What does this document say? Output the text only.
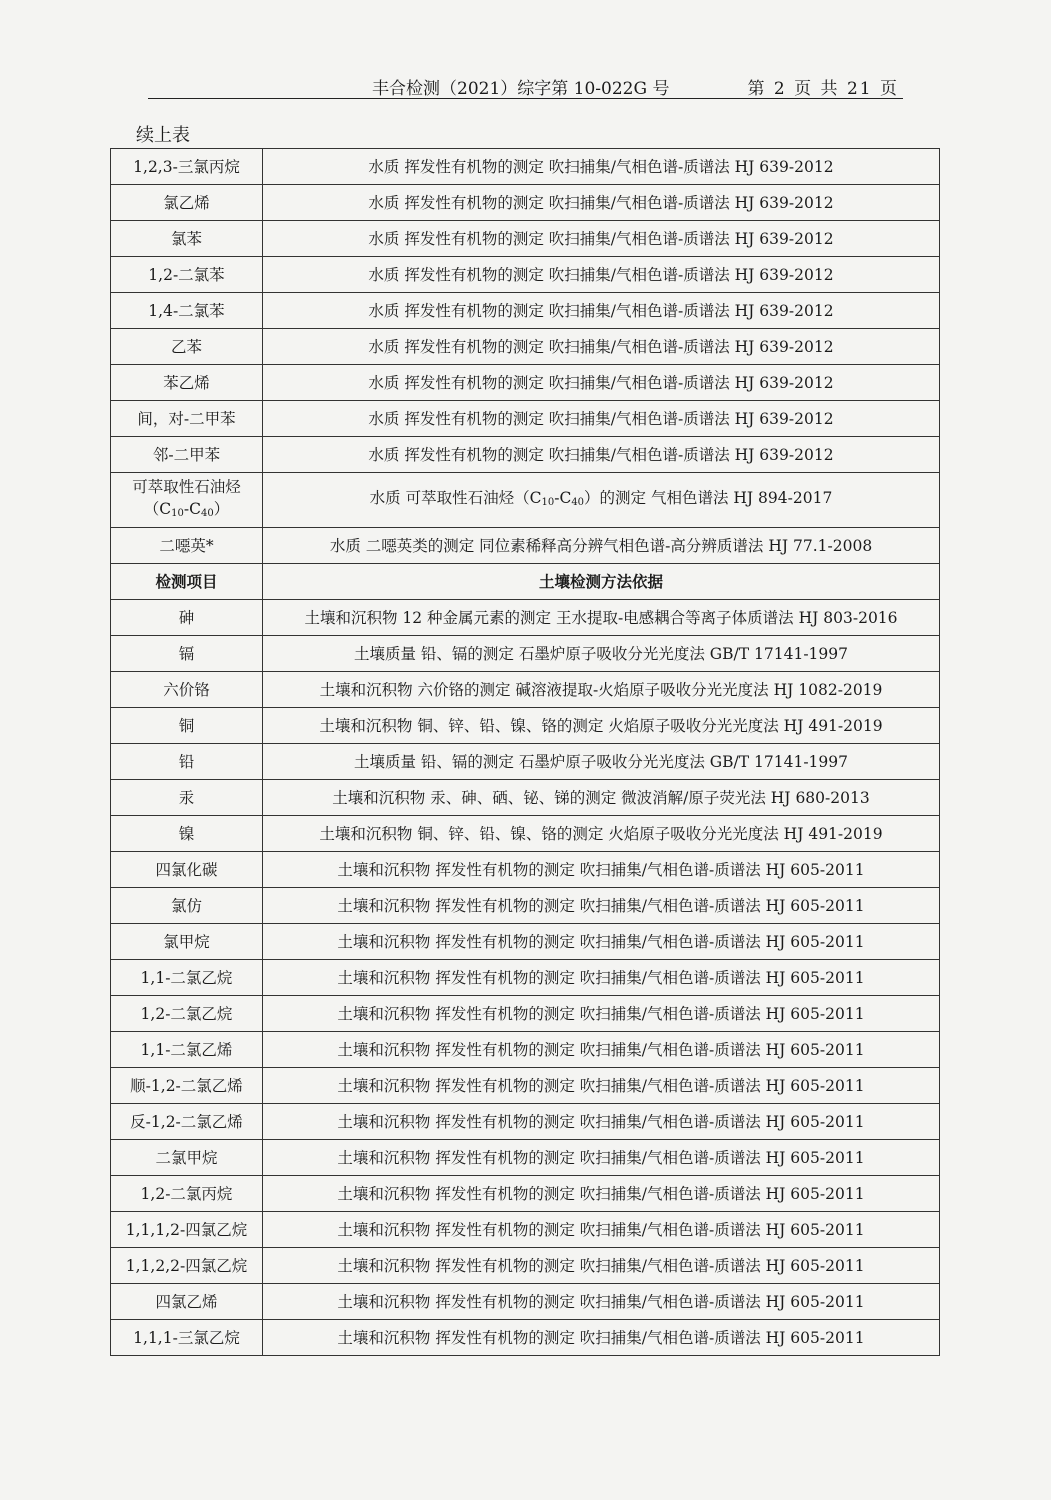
丰合检测（2021）综字第 10-022G 号	第 2 页 共 21 页
续上表
1,2,3-三氯丙烷	水质 挥发性有机物的测定 吹扫捕集/气相色谱-质谱法 HJ 639-2012
氯乙烯	水质 挥发性有机物的测定 吹扫捕集/气相色谱-质谱法 HJ 639-2012
氯苯	水质 挥发性有机物的测定 吹扫捕集/气相色谱-质谱法 HJ 639-2012
1,2-二氯苯	水质 挥发性有机物的测定 吹扫捕集/气相色谱-质谱法 HJ 639-2012
1,4-二氯苯	水质 挥发性有机物的测定 吹扫捕集/气相色谱-质谱法 HJ 639-2012
乙苯	水质 挥发性有机物的测定 吹扫捕集/气相色谱-质谱法 HJ 639-2012
苯乙烯	水质 挥发性有机物的测定 吹扫捕集/气相色谱-质谱法 HJ 639-2012
间，对-二甲苯	水质 挥发性有机物的测定 吹扫捕集/气相色谱-质谱法 HJ 639-2012
邻-二甲苯	水质 挥发性有机物的测定 吹扫捕集/气相色谱-质谱法 HJ 639-2012
可萃取性石油烃
$(C_{10}-C_{40})$	水质 可萃取性石油烃$(C_{10}-C_{40})$的测定 气相色谱法 HJ 894-2017
二噁英*	水质 二噁英类的测定 同位素稀释高分辨气相色谱-高分辨质谱法 HJ 77.1-2008
检测项目	土壤检测方法依据
砷	土壤和沉积物 12 种金属元素的测定 王水提取-电感耦合等离子体质谱法 HJ 803-2016
镉	土壤质量 铅、镉的测定 石墨炉原子吸收分光光度法 GB/T 17141-1997
六价铬	土壤和沉积物 六价铬的测定 碱溶液提取-火焰原子吸收分光光度法 HJ 1082-2019
铜	土壤和沉积物 铜、锌、铅、镍、铬的测定 火焰原子吸收分光光度法 HJ 491-2019
铅	土壤质量 铅、镉的测定 石墨炉原子吸收分光光度法 GB/T 17141-1997
汞	土壤和沉积物 汞、砷、硒、铋、锑的测定 微波消解/原子荧光法 HJ 680-2013
镍	土壤和沉积物 铜、锌、铅、镍、铬的测定 火焰原子吸收分光光度法 HJ 491-2019
四氯化碳	土壤和沉积物 挥发性有机物的测定 吹扫捕集/气相色谱-质谱法 HJ 605-2011
氯仿	土壤和沉积物 挥发性有机物的测定 吹扫捕集/气相色谱-质谱法 HJ 605-2011
氯甲烷	土壤和沉积物 挥发性有机物的测定 吹扫捕集/气相色谱-质谱法 HJ 605-2011
1,1-二氯乙烷	土壤和沉积物 挥发性有机物的测定 吹扫捕集/气相色谱-质谱法 HJ 605-2011
1,2-二氯乙烷	土壤和沉积物 挥发性有机物的测定 吹扫捕集/气相色谱-质谱法 HJ 605-2011
1,1-二氯乙烯	土壤和沉积物 挥发性有机物的测定 吹扫捕集/气相色谱-质谱法 HJ 605-2011
顺-1,2-二氯乙烯	土壤和沉积物 挥发性有机物的测定 吹扫捕集/气相色谱-质谱法 HJ 605-2011
反-1,2-二氯乙烯	土壤和沉积物 挥发性有机物的测定 吹扫捕集/气相色谱-质谱法 HJ 605-2011
二氯甲烷	土壤和沉积物 挥发性有机物的测定 吹扫捕集/气相色谱-质谱法 HJ 605-2011
1,2-二氯丙烷	土壤和沉积物 挥发性有机物的测定 吹扫捕集/气相色谱-质谱法 HJ 605-2011
1,1,1,2-四氯乙烷	土壤和沉积物 挥发性有机物的测定 吹扫捕集/气相色谱-质谱法 HJ 605-2011
1,1,2,2-四氯乙烷	土壤和沉积物 挥发性有机物的测定 吹扫捕集/气相色谱-质谱法 HJ 605-2011
四氯乙烯	土壤和沉积物 挥发性有机物的测定 吹扫捕集/气相色谱-质谱法 HJ 605-2011
1,1,1-三氯乙烷	土壤和沉积物 挥发性有机物的测定 吹扫捕集/气相色谱-质谱法 HJ 605-2011
